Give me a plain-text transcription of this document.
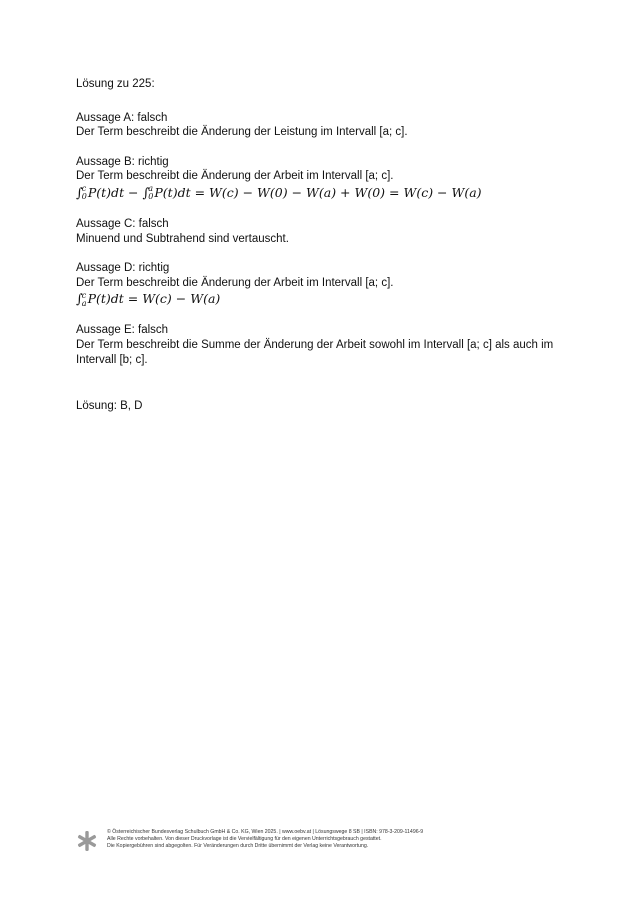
Lösung zu 225:
Aussage A: falsch
Der Term beschreibt die Änderung der Leistung im Intervall [a; c].
Aussage B: richtig
Der Term beschreibt die Änderung der Arbeit im Intervall [a; c].
∫ c
0 P(t)dt − ∫ a
0 P(t)dt = W(c) − W(0) − W(a) + W(0) = W(c) − W(a)
Aussage C: falsch
Minuend und Subtrahend sind vertauscht.
Aussage D: richtig
Der Term beschreibt die Änderung der Arbeit im Intervall [a; c].
∫ c
a P(t)dt = W(c) − W(a)
Aussage E: falsch
Der Term beschreibt die Summe der Änderung der Arbeit sowohl im Intervall [a; c] als auch im Intervall [b; c].
Lösung: B, D
© Österreichischer Bundesverlag Schulbuch GmbH & Co. KG, Wien 2025. | www.oebv.at | Lösungswege 8 SB | ISBN: 978-3-209-11496-9
Alle Rechte vorbehalten. Von dieser Druckvorlage ist die Vervielfältigung für den eigenen Unterrichtsgebrauch gestattet.
Die Kopiergebühren sind abgegolten. Für Veränderungen durch Dritte übernimmt der Verlag keine Verantwortung.
